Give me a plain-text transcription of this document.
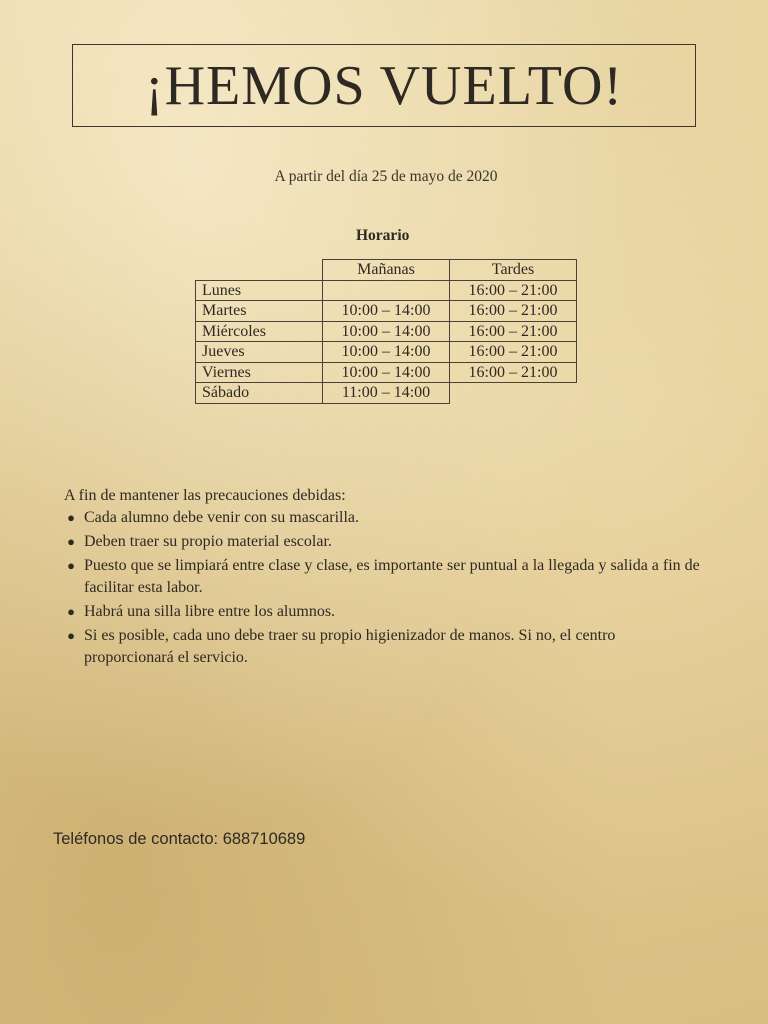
¡HEMOS VUELTO!
A partir del día 25 de mayo de 2020
Horario
	Mañanas	Tardes
Lunes		16:00 – 21:00
Martes	10:00 – 14:00	16:00 – 21:00
Miércoles	10:00 – 14:00	16:00 – 21:00
Jueves	10:00 – 14:00	16:00 – 21:00
Viernes	10:00 – 14:00	16:00 – 21:00
Sábado	11:00 – 14:00	
A fin de mantener las precauciones debidas:
● Cada alumno debe venir con su mascarilla.
● Deben traer su propio material escolar.
● Puesto que se limpiará entre clase y clase, es importante ser puntual a la llegada y salida a fin de facilitar esta labor.
● Habrá una silla libre entre los alumnos.
● Si es posible, cada uno debe traer su propio higienizador de manos. Si no, el centro proporcionará el servicio.
Teléfonos de contacto: 688710689
